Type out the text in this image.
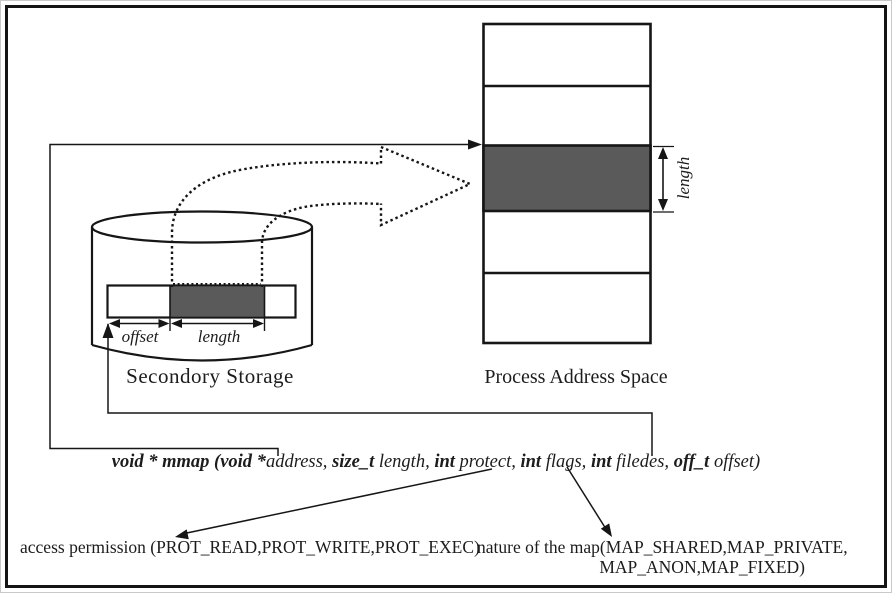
Secondory Storage	Process Address Space
offset	length
length
void * mmap (void *address, size_t length, int protect, int flags, int filedes, off_t offset)
access permission (PROT_READ,PROT_WRITE,PROT_EXEC)
nature of the map(MAP_SHARED,MAP_PRIVATE,
MAP_ANON,MAP_FIXED)
